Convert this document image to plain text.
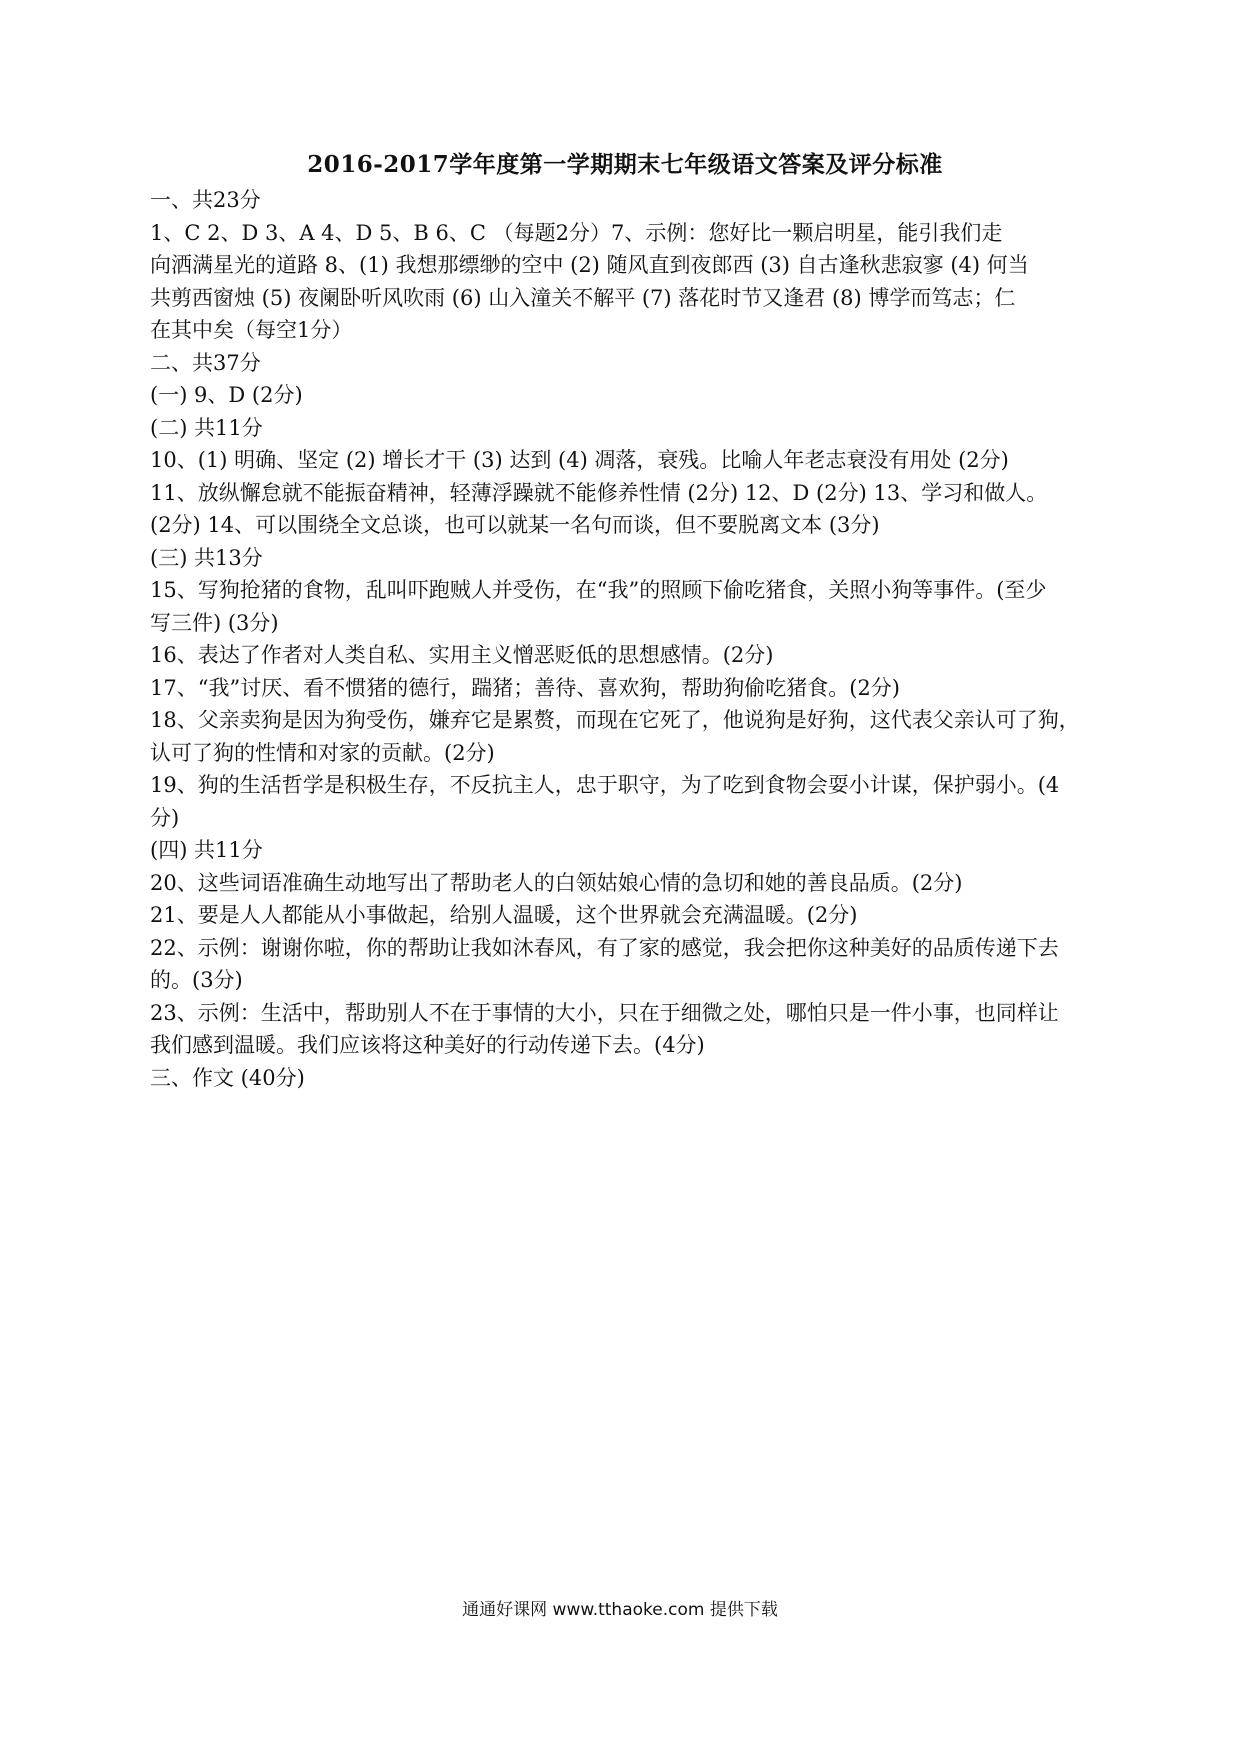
2016-2017学年度第一学期期末七年级语文答案及评分标准

一、共23分

1、C 2、D 3、A 4、D 5、B 6、C （每题2分）7、示例：您好比一颗启明星，能引我们走

向洒满星光的道路 8、(1) 我想那缥缈的空中 (2) 随风直到夜郎西 (3) 自古逢秋悲寂寥 (4) 何当

共剪西窗烛 (5) 夜阑卧听风吹雨 (6) 山入潼关不解平 (7) 落花时节又逢君 (8) 博学而笃志；仁

在其中矣（每空1分）

二、共37分

(一) 9、D (2分)

(二) 共11分

10、(1) 明确、坚定 (2) 增长才干 (3) 达到 (4) 凋落，衰残。比喻人年老志衰没有用处 (2分)

11、放纵懈怠就不能振奋精神，轻薄浮躁就不能修养性情 (2分) 12、D (2分) 13、学习和做人。

(2分) 14、可以围绕全文总谈，也可以就某一名句而谈，但不要脱离文本 (3分)

(三) 共13分

15、写狗抢猪的食物，乱叫吓跑贼人并受伤，在“我”的照顾下偷吃猪食，关照小狗等事件。(至少

写三件) (3分)

16、表达了作者对人类自私、实用主义憎恶贬低的思想感情。(2分)

17、“我”讨厌、看不惯猪的德行，踹猪；善待、喜欢狗，帮助狗偷吃猪食。(2分)

18、父亲卖狗是因为狗受伤，嫌弃它是累赘，而现在它死了，他说狗是好狗，这代表父亲认可了狗，

认可了狗的性情和对家的贡献。(2分)

19、狗的生活哲学是积极生存，不反抗主人，忠于职守，为了吃到食物会耍小计谋，保护弱小。(4

分)

(四) 共11分

20、这些词语准确生动地写出了帮助老人的白领姑娘心情的急切和她的善良品质。(2分)

21、要是人人都能从小事做起，给别人温暖，这个世界就会充满温暖。(2分)

22、示例：谢谢你啦，你的帮助让我如沐春风，有了家的感觉，我会把你这种美好的品质传递下去

的。(3分)

23、示例：生活中，帮助别人不在于事情的大小，只在于细微之处，哪怕只是一件小事，也同样让

我们感到温暖。我们应该将这种美好的行动传递下去。(4分)

三、作文 (40分)

通通好课网 www.tthaoke.com 提供下载
